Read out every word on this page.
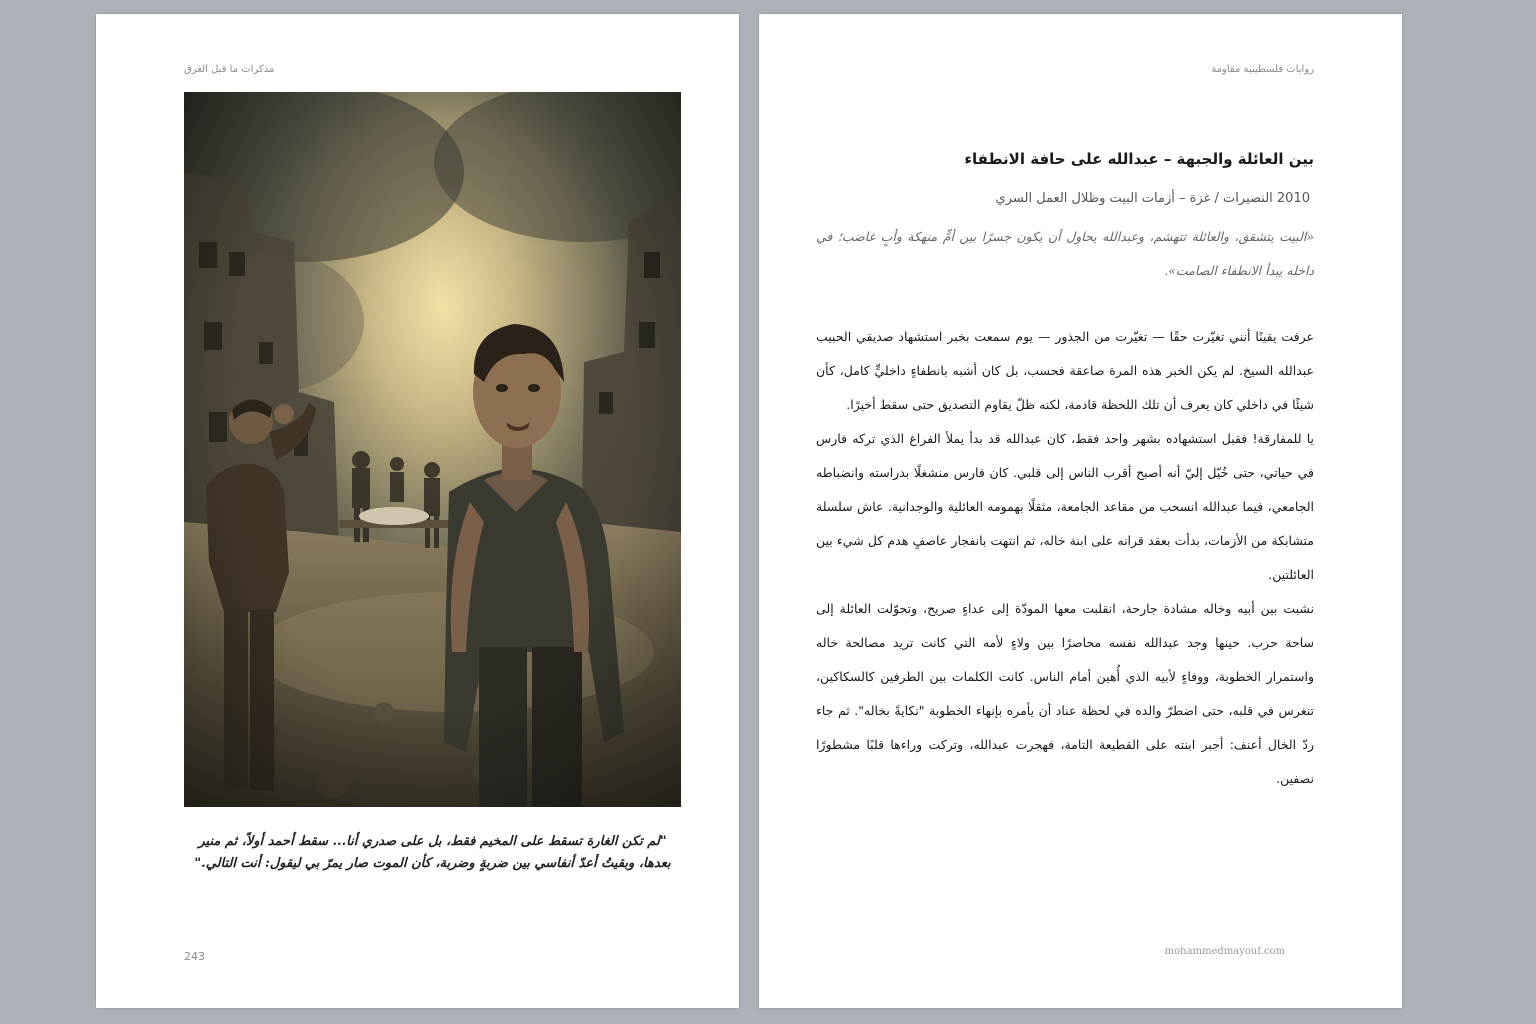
مذكرات ما قبل الغرق
"لم تكن الغارة تسقط على المخيم فقط، بل على صدري أنا... سقط أحمد أولاً، ثم منير بعدها، وبقيتُ أعدّ أنفاسي بين ضربةٍ وضربة، كأن الموت صار يمرّ بي ليقول: أنت التالي."
243
روايات فلسطينية مقاومة
بين العائلة والجبهة – عبدالله على حافة الانطفاء
2010 النصيرات / غزة – أزمات البيت وظلال العمل السري
«البيت يتشقق، والعائلة تتهشم، وعبدالله يحاول أن يكون جسرًا بين أمٍّ منهكة وأبٍ غاضب؛ في داخله يبدأ الانطفاء الصامت».

عرفت يقينًا أنني تغيّرت حقًا — تغيّرت من الجذور — يوم سمعت بخبر استشهاد صديقي الحبيب عبدالله السيخ. لم يكن الخبر هذه المرة صاعقة فحسب، بل كان أشبه بانطفاءٍ داخليٍّ كامل، كأن شيئًا في داخلي كان يعرف أن تلك اللحظة قادمة، لكنه ظلّ يقاوم التصديق حتى سقط أخيرًا.

يا للمفارقة! فقبل استشهاده بشهر واحد فقط، كان عبدالله قد بدأ يملأ الفراغ الذي تركه فارس في حياتي، حتى خُيّل إليّ أنه أصبح أقرب الناس إلى قلبي. كان فارس منشغلًا بدراسته وانضباطه الجامعي، فيما عبدالله انسحب من مقاعد الجامعة، مثقلًا بهمومه العائلية والوجدانية. عاش سلسلة متشابكة من الأزمات، بدأت بعقد قرانه على ابنة خاله، ثم انتهت بانفجار عاصفٍ هدم كل شيء بين العائلتين.

نشبت بين أبيه وخاله مشادة جارحة، انقلبت معها المودّة إلى عداءٍ صريح، وتحوّلت العائلة إلى ساحة حرب. حينها وجد عبدالله نفسه محاصرًا بين ولاءٍ لأمه التي كانت تريد مصالحة خاله واستمرار الخطوبة، ووفاءٍ لأبيه الذي أُهين أمام الناس. كانت الكلمات بين الطرفين كالسكاكين، تنغرس في قلبه، حتى اضطرّ والده في لحظة عناد أن يأمره بإنهاء الخطوبة "نكايةً بخاله". ثم جاء ردّ الخال أعنف: أجبر ابنته على القطيعة التامة، فهجرت عبدالله، وتركت وراءها قلبًا مشطورًا نصفين.

mohammedmayouf.com
